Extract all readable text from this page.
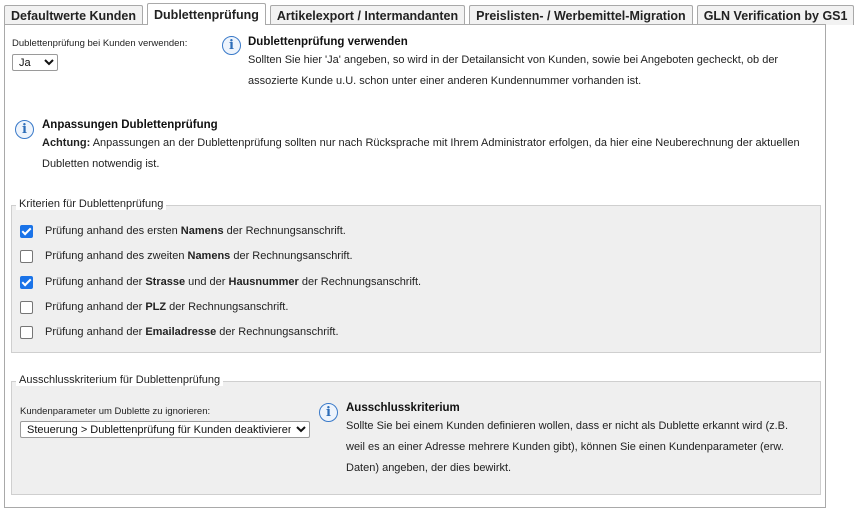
Defaultwerte Kunden	Dublettenprüfung	Artikelexport / Intermandanten	Preislisten- / Werbemittel-Migration	GLN Verification by GS1
Dublettenprüfung bei Kunden verwenden:
Ja	i	Dublettenprüfung verwenden
Sollten Sie hier 'Ja' angeben, so wird in der Detailansicht von Kunden, sowie bei Angeboten gecheckt, ob der assozierte Kunde u.U. schon unter einer anderen Kundennummer vorhanden ist.
i	Anpassungen Dublettenprüfung
Achtung: Anpassungen an der Dublettenprüfung sollten nur nach Rücksprache mit Ihrem Administrator erfolgen, da hier eine Neuberechnung der aktuellen Dubletten notwendig ist.
Kriterien für Dublettenprüfung
Prüfung anhand des ersten Namens der Rechnungsanschrift.
Prüfung anhand des zweiten Namens der Rechnungsanschrift.
Prüfung anhand der Strasse und der Hausnummer der Rechnungsanschrift.
Prüfung anhand der PLZ der Rechnungsanschrift.
Prüfung anhand der Emailadresse der Rechnungsanschrift.
Ausschlusskriterium für Dublettenprüfung
Kundenparameter um Dublette zu ignorieren:
Steuerung > Dublettenprüfung für Kunden deaktivieren	i	Ausschlusskriterium
Sollte Sie bei einem Kunden definieren wollen, dass er nicht als Dublette erkannt wird (z.B. weil es an einer Adresse mehrere Kunden gibt), können Sie einen Kundenparameter (erw. Daten) angeben, der dies bewirkt.
